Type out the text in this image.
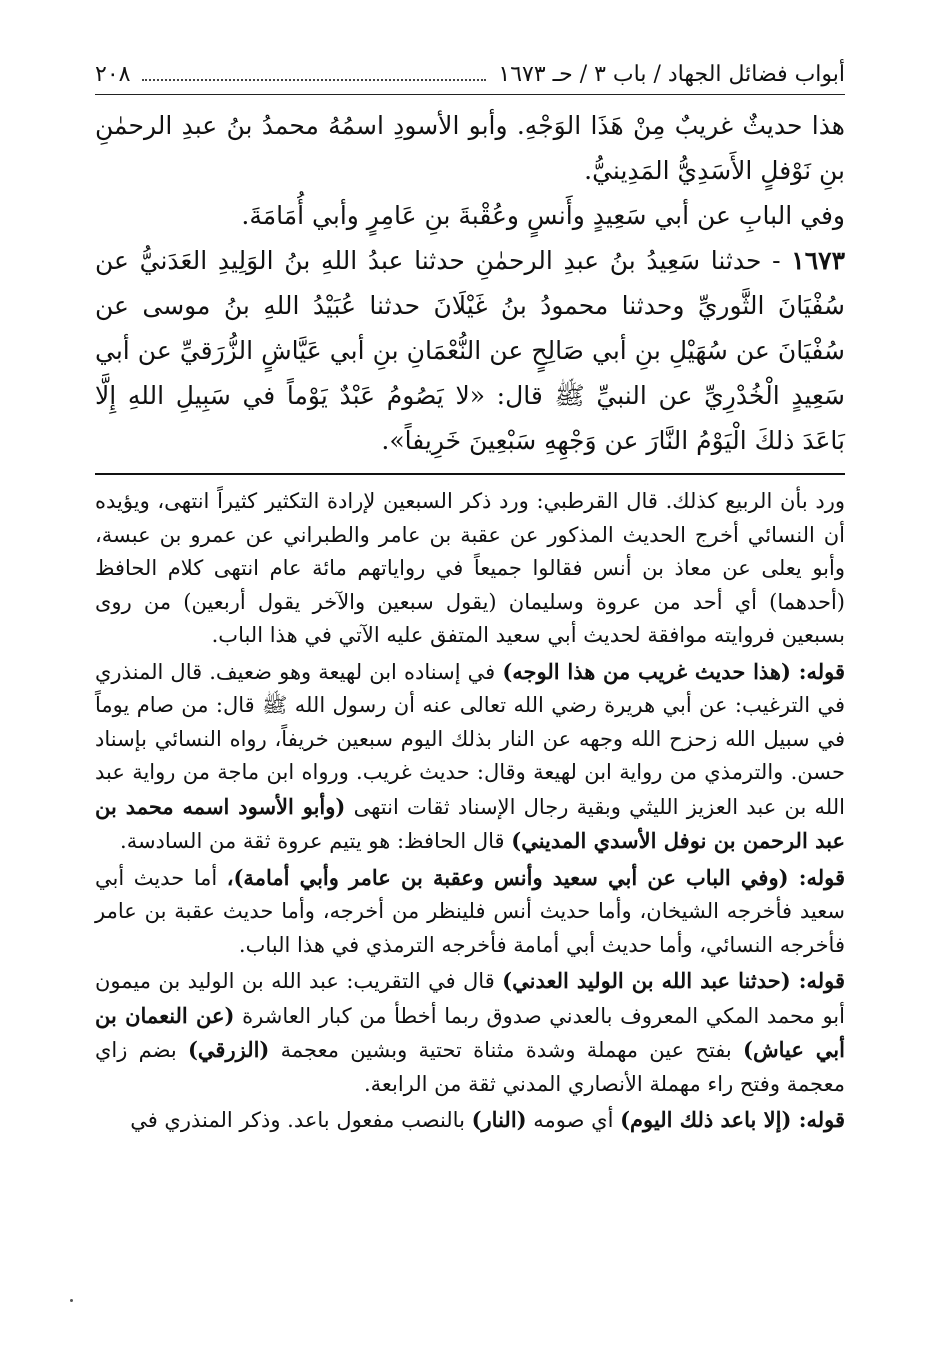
أبواب فضائل الجهاد / باب ٣ / حـ ١٦٧٣
٢٠٨

هذا حديثٌ غريبٌ مِنْ هَذَا الوَجْهِ. وأبو الأسودِ اسمُهُ محمدُ بنُ عبدِ الرحمٰنِ بنِ نَوْفلٍ الأَسَدِيُّ المَدِينيُّ.

وفي البابِ عن أبي سَعِيدٍ وأَنسٍ وعُقْبةَ بنِ عَامِرٍ وأبي أُمَامَةَ.

١٦٧٣ - حدثنا سَعِيدُ بنُ عبدِ الرحمٰنِ حدثنا عبدُ اللهِ بنُ الوَلِيدِ العَدَنيُّ عن سُفْيَانَ الثَّوريِّ وحدثنا محمودُ بنُ غَيْلَانَ حدثنا عُبَيْدُ اللهِ بنُ موسى عن سُفْيَانَ عن سُهَيْلِ بنِ أبي صَالِحٍ عن النُّعْمَانِ بنِ أبي عَيَّاشٍ الزُّرَقيِّ عن أبي سَعِيدٍ الْخُدْرِيِّ عن النبيِّ ﷺ قال: «لا يَصُومُ عَبْدٌ يَوْماً في سَبِيلِ اللهِ إِلَّا بَاعَدَ ذلكَ الْيَوْمُ النَّارَ عن وَجْهِهِ سَبْعِينَ خَرِيفاً».

ورد بأن الربيع كذلك. قال القرطبي: ورد ذكر السبعين لإرادة التكثير كثيراً انتهى، ويؤيده أن النسائي أخرج الحديث المذكور عن عقبة بن عامر والطبراني عن عمرو بن عبسة، وأبو يعلى عن معاذ بن أنس فقالوا جميعاً في رواياتهم مائة عام انتهى كلام الحافظ (أحدهما) أي أحد من عروة وسليمان (يقول سبعين والآخر يقول أربعين) من روى بسبعين فروايته موافقة لحديث أبي سعيد المتفق عليه الآتي في هذا الباب.

قوله: (هذا حديث غريب من هذا الوجه) في إسناده ابن لهيعة وهو ضعيف. قال المنذري في الترغيب: عن أبي هريرة رضي الله تعالى عنه أن رسول الله ﷺ قال: من صام يوماً في سبيل الله زحزح الله وجهه عن النار بذلك اليوم سبعين خريفاً، رواه النسائي بإسناد حسن. والترمذي من رواية ابن لهيعة وقال: حديث غريب. ورواه ابن ماجة من رواية عبد الله بن عبد العزيز الليثي وبقية رجال الإسناد ثقات انتهى (وأبو الأسود اسمه محمد بن عبد الرحمن بن نوفل الأسدي المديني) قال الحافظ: هو يتيم عروة ثقة من السادسة.

قوله: (وفي الباب عن أبي سعيد وأنس وعقبة بن عامر وأبي أمامة)، أما حديث أبي سعيد فأخرجه الشيخان، وأما حديث أنس فلينظر من أخرجه، وأما حديث عقبة بن عامر فأخرجه النسائي، وأما حديث أبي أمامة فأخرجه الترمذي في هذا الباب.

قوله: (حدثنا عبد الله بن الوليد العدني) قال في التقريب: عبد الله بن الوليد بن ميمون أبو محمد المكي المعروف بالعدني صدوق ربما أخطأ من كبار العاشرة (عن النعمان بن أبي عياش) بفتح عين مهملة وشدة مثناة تحتية وبشين معجمة (الزرقي) بضم زاي معجمة وفتح راء مهملة الأنصاري المدني ثقة من الرابعة.

قوله: (إلا باعد ذلك اليوم) أي صومه (النار) بالنصب مفعول باعد. وذكر المنذري في
